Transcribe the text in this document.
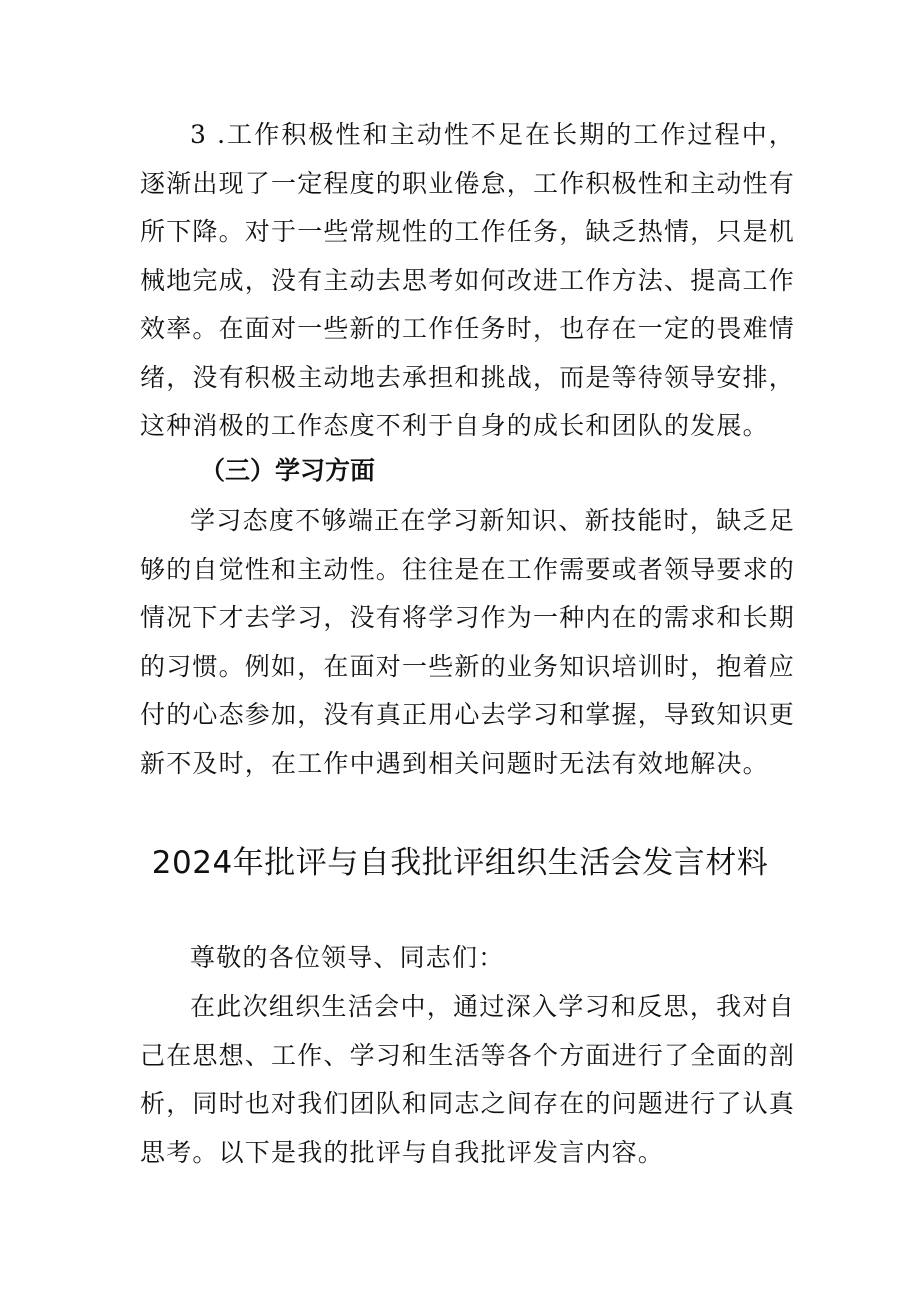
3 .工作积极性和主动性不足在长期的工作过程中，逐渐出现了一定程度的职业倦怠，工作积极性和主动性有所下降。对于一些常规性的工作任务，缺乏热情，只是机械地完成，没有主动去思考如何改进工作方法、提高工作效率。在面对一些新的工作任务时，也存在一定的畏难情绪，没有积极主动地去承担和挑战，而是等待领导安排，这种消极的工作态度不利于自身的成长和团队的发展。

（三）学习方面

学习态度不够端正在学习新知识、新技能时，缺乏足够的自觉性和主动性。往往是在工作需要或者领导要求的情况下才去学习，没有将学习作为一种内在的需求和长期的习惯。例如，在面对一些新的业务知识培训时，抱着应付的心态参加，没有真正用心去学习和掌握，导致知识更新不及时，在工作中遇到相关问题时无法有效地解决。

2024年批评与自我批评组织生活会发言材料

尊敬的各位领导、同志们：

在此次组织生活会中，通过深入学习和反思，我对自己在思想、工作、学习和生活等各个方面进行了全面的剖析，同时也对我们团队和同志之间存在的问题进行了认真思考。以下是我的批评与自我批评发言内容。
